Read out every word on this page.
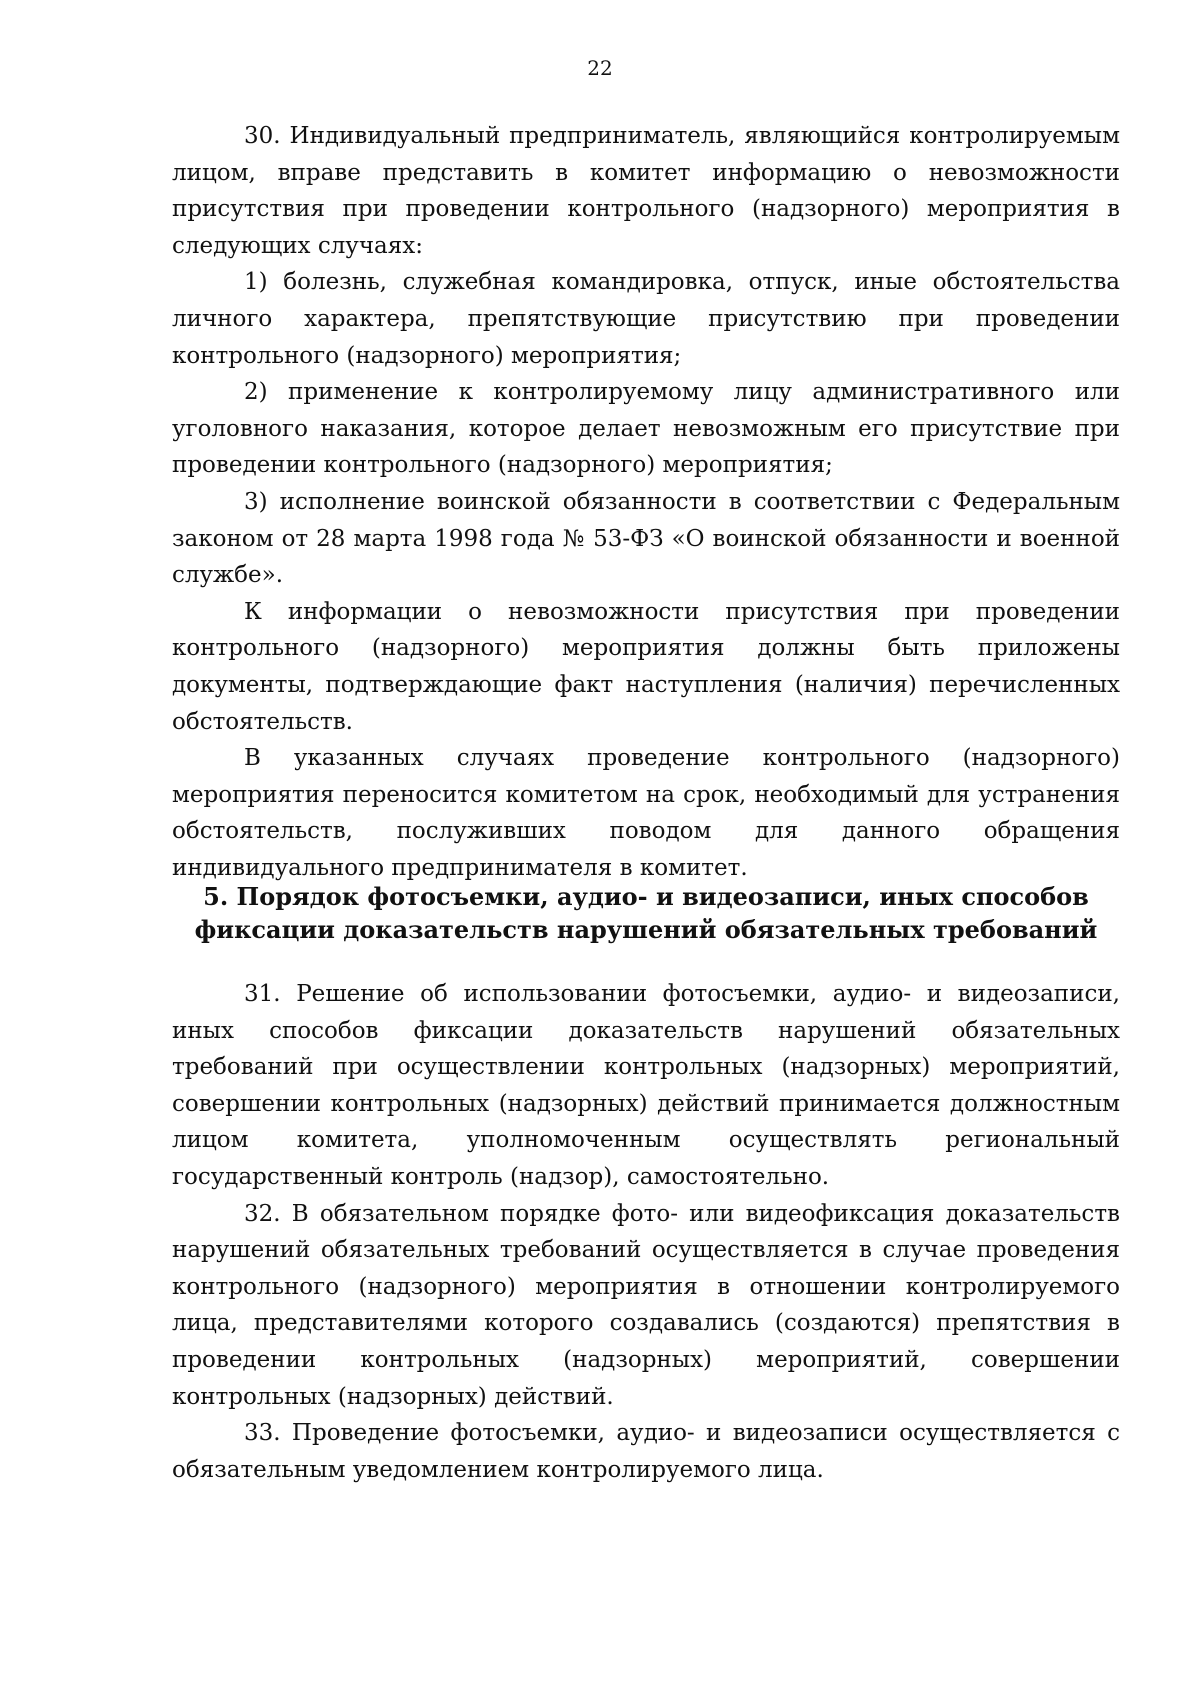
22

30. Индивидуальный предприниматель, являющийся контролируемым лицом, вправе представить в комитет информацию о невозможности присутствия при проведении контрольного (надзорного) мероприятия в следующих случаях:

1) болезнь, служебная командировка, отпуск, иные обстоятельства личного характера, препятствующие присутствию при проведении контрольного (надзорного) мероприятия;

2) применение к контролируемому лицу административного или уголовного наказания, которое делает невозможным его присутствие при проведении контрольного (надзорного) мероприятия;

3) исполнение воинской обязанности в соответствии с Федеральным законом от 28 марта 1998 года № 53-ФЗ «О воинской обязанности и военной службе».

К информации о невозможности присутствия при проведении контрольного (надзорного) мероприятия должны быть приложены документы, подтверждающие факт наступления (наличия) перечисленных обстоятельств.

В указанных случаях проведение контрольного (надзорного) мероприятия переносится комитетом на срок, необходимый для устранения обстоятельств, послуживших поводом для данного обращения индивидуального предпринимателя в комитет.

5. Порядок фотосъемки, аудио- и видеозаписи, иных способов
фиксации доказательств нарушений обязательных требований

31. Решение об использовании фотосъемки, аудио- и видеозаписи, иных способов фиксации доказательств нарушений обязательных требований при осуществлении контрольных (надзорных) мероприятий, совершении контрольных (надзорных) действий принимается должностным лицом комитета, уполномоченным осуществлять региональный государственный контроль (надзор), самостоятельно.

32. В обязательном порядке фото- или видеофиксация доказательств нарушений обязательных требований осуществляется в случае проведения контрольного (надзорного) мероприятия в отношении контролируемого лица, представителями которого создавались (создаются) препятствия в проведении контрольных (надзорных) мероприятий, совершении контрольных (надзорных) действий.

33. Проведение фотосъемки, аудио- и видеозаписи осуществляется с обязательным уведомлением контролируемого лица.
